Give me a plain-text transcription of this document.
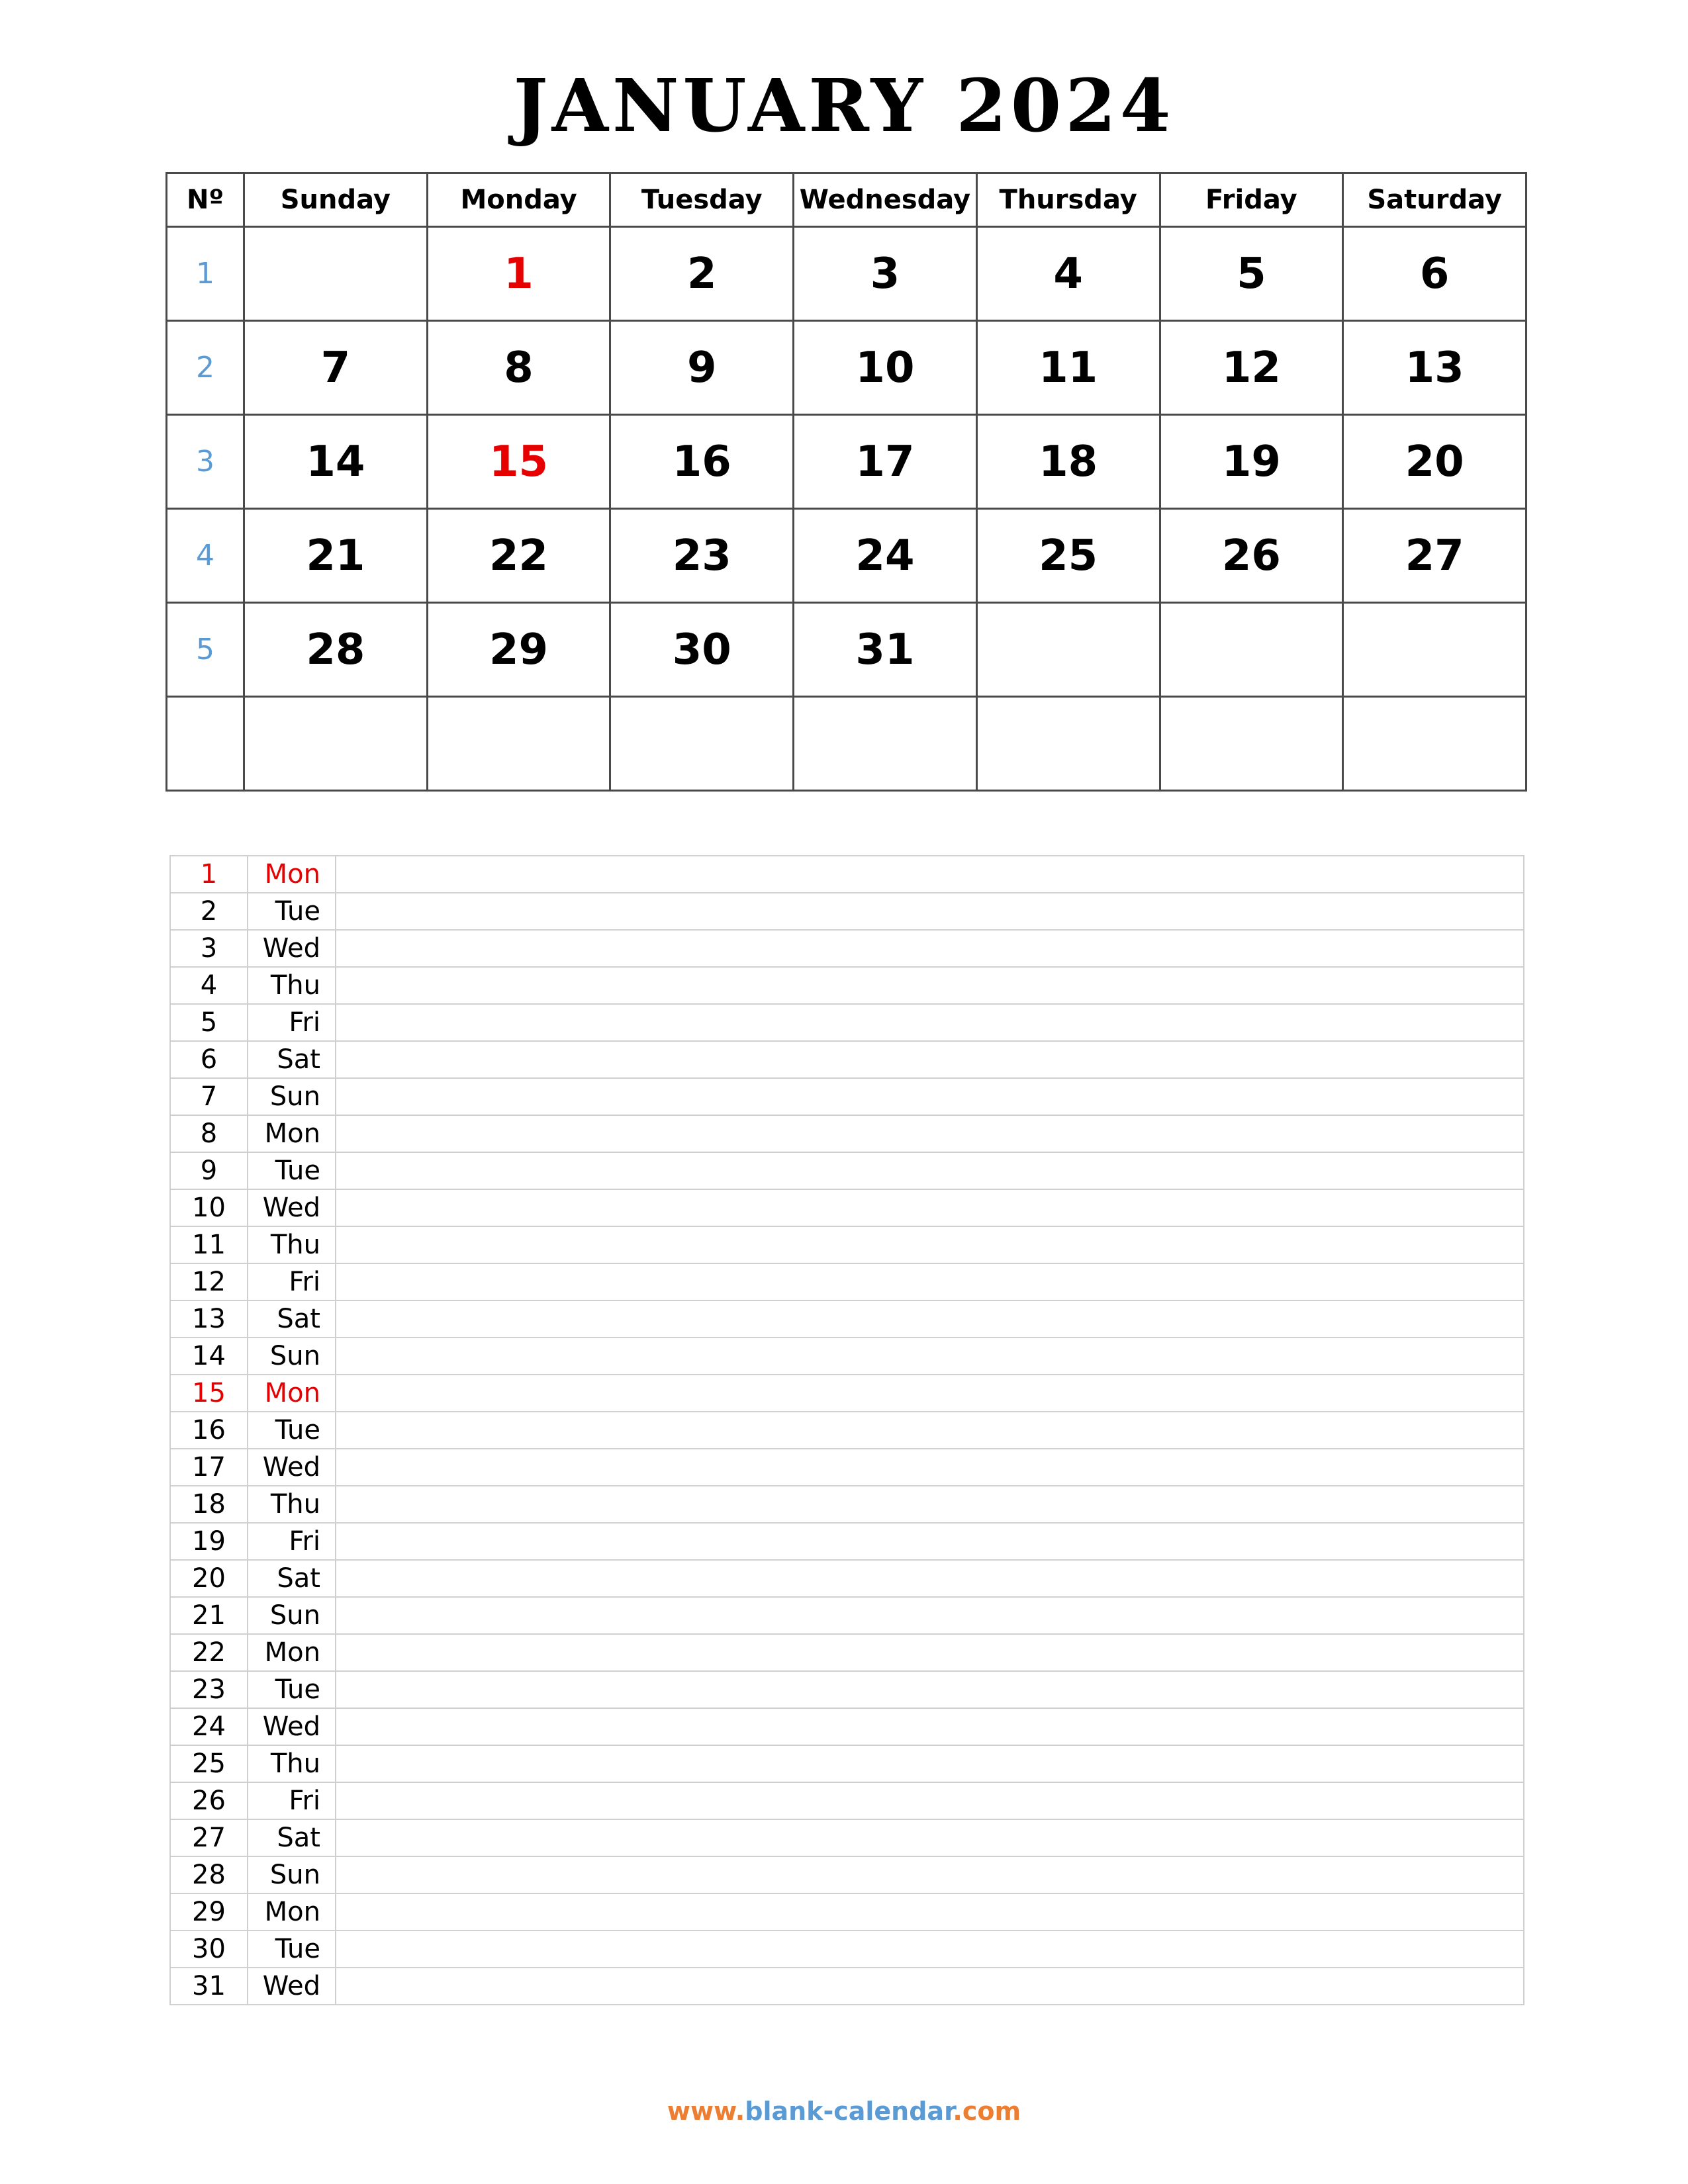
JANUARY 2024
Nº	Sunday	Monday	Tuesday	Wednesday	Thursday	Friday	Saturday
1		1	2	3	4	5	6
2	7	8	9	10	11	12	13
3	14	15	16	17	18	19	20
4	21	22	23	24	25	26	27
5	28	29	30	31			

1	Mon	
2	Tue	
3	Wed	
4	Thu	
5	Fri	
6	Sat	
7	Sun	
8	Mon	
9	Tue	
10	Wed	
11	Thu	
12	Fri	
13	Sat	
14	Sun	
15	Mon	
16	Tue	
17	Wed	
18	Thu	
19	Fri	
20	Sat	
21	Sun	
22	Mon	
23	Tue	
24	Wed	
25	Thu	
26	Fri	
27	Sat	
28	Sun	
29	Mon	
30	Tue	
31	Wed	
www.blank-calendar.com
